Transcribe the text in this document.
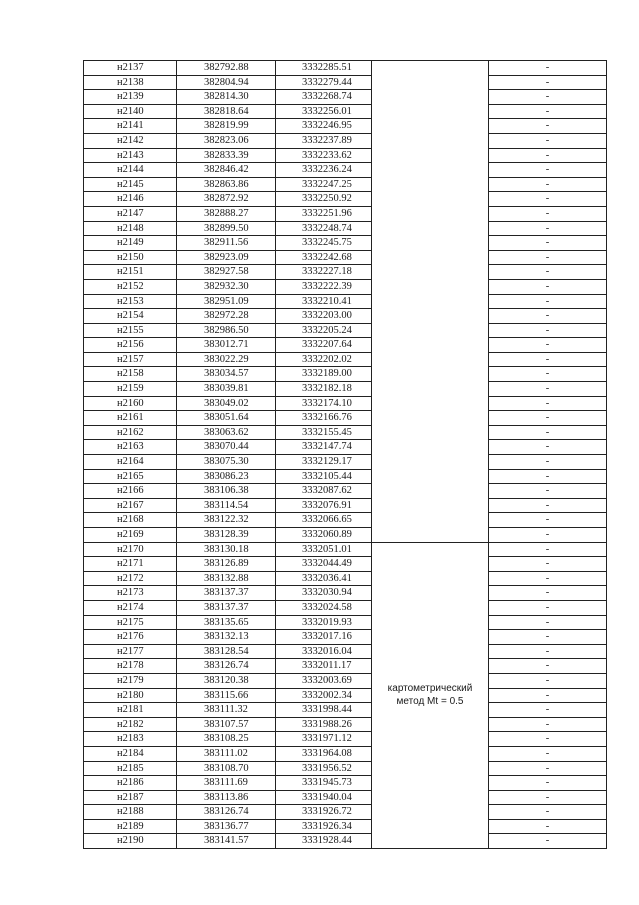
н2137	382792.88	3332285.51		-
н2138	382804.94	3332279.44		-
н2139	382814.30	3332268.74		-
н2140	382818.64	3332256.01		-
н2141	382819.99	3332246.95		-
н2142	382823.06	3332237.89		-
н2143	382833.39	3332233.62		-
н2144	382846.42	3332236.24		-
н2145	382863.86	3332247.25		-
н2146	382872.92	3332250.92		-
н2147	382888.27	3332251.96		-
н2148	382899.50	3332248.74		-
н2149	382911.56	3332245.75		-
н2150	382923.09	3332242.68		-
н2151	382927.58	3332227.18		-
н2152	382932.30	3332222.39		-
н2153	382951.09	3332210.41		-
н2154	382972.28	3332203.00		-
н2155	382986.50	3332205.24		-
н2156	383012.71	3332207.64		-
н2157	383022.29	3332202.02		-
н2158	383034.57	3332189.00		-
н2159	383039.81	3332182.18		-
н2160	383049.02	3332174.10		-
н2161	383051.64	3332166.76		-
н2162	383063.62	3332155.45		-
н2163	383070.44	3332147.74		-
н2164	383075.30	3332129.17		-
н2165	383086.23	3332105.44		-
н2166	383106.38	3332087.62		-
н2167	383114.54	3332076.91		-
н2168	383122.32	3332066.65		-
н2169	383128.39	3332060.89		-
н2170	383130.18	3332051.01	картометрический
метод Mt = 0.5	-
н2171	383126.89	3332044.49		-
н2172	383132.88	3332036.41		-
н2173	383137.37	3332030.94		-
н2174	383137.37	3332024.58		-
н2175	383135.65	3332019.93		-
н2176	383132.13	3332017.16		-
н2177	383128.54	3332016.04		-
н2178	383126.74	3332011.17		-
н2179	383120.38	3332003.69		-
н2180	383115.66	3332002.34		-
н2181	383111.32	3331998.44		-
н2182	383107.57	3331988.26		-
н2183	383108.25	3331971.12		-
н2184	383111.02	3331964.08		-
н2185	383108.70	3331956.52		-
н2186	383111.69	3331945.73		-
н2187	383113.86	3331940.04		-
н2188	383126.74	3331926.72		-
н2189	383136.77	3331926.34		-
н2190	383141.57	3331928.44		-
